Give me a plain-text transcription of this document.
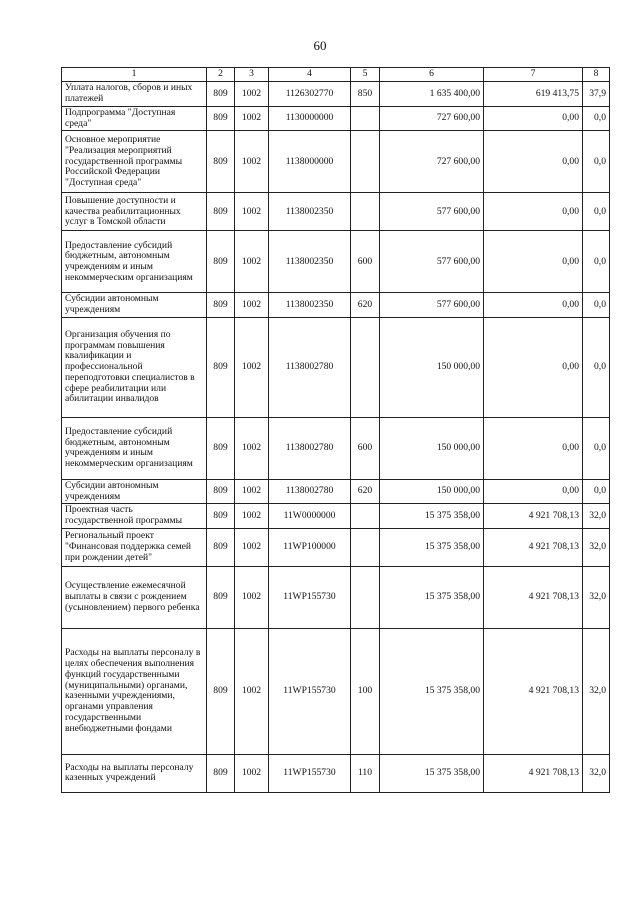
60
1	2	3	4	5	6	7	8
Уплата налогов, сборов и иных платежей	809	1002	1126302770	850	1 635 400,00	619 413,75	37,9
Подпрограмма "Доступная среда"	809	1002	1130000000		727 600,00	0,00	0,0
Основное мероприятие "Реализация мероприятий государственной программы Российской Федерации "Доступная среда"	809	1002	1138000000		727 600,00	0,00	0,0
Повышение доступности и качества реабилитационных услуг в Томской области	809	1002	1138002350		577 600,00	0,00	0,0
Предоставление субсидий бюджетным, автономным учреждениям и иным некоммерческим организациям	809	1002	1138002350	600	577 600,00	0,00	0,0
Субсидии автономным учреждениям	809	1002	1138002350	620	577 600,00	0,00	0,0
Организация обучения по программам повышения квалификации и профессиональной переподготовки специалистов в сфере реабилитации или абилитации инвалидов	809	1002	1138002780		150 000,00	0,00	0,0
Предоставление субсидий бюджетным, автономным учреждениям и иным некоммерческим организациям	809	1002	1138002780	600	150 000,00	0,00	0,0
Субсидии автономным учреждениям	809	1002	1138002780	620	150 000,00	0,00	0,0
Проектная часть государственной программы	809	1002	11W0000000		15 375 358,00	4 921 708,13	32,0
Региональный проект "Финансовая поддержка семей при рождении детей"	809	1002	11WP100000		15 375 358,00	4 921 708,13	32,0
Осуществление ежемесячной выплаты в связи с рождением (усыновлением) первого ребенка	809	1002	11WP155730		15 375 358,00	4 921 708,13	32,0
Расходы на выплаты персоналу в целях обеспечения выполнения функций государственными (муниципальными) органами, казенными учреждениями, органами управления государственными внебюджетными фондами	809	1002	11WP155730	100	15 375 358,00	4 921 708,13	32,0
Расходы на выплаты персоналу казенных учреждений	809	1002	11WP155730	110	15 375 358,00	4 921 708,13	32,0
